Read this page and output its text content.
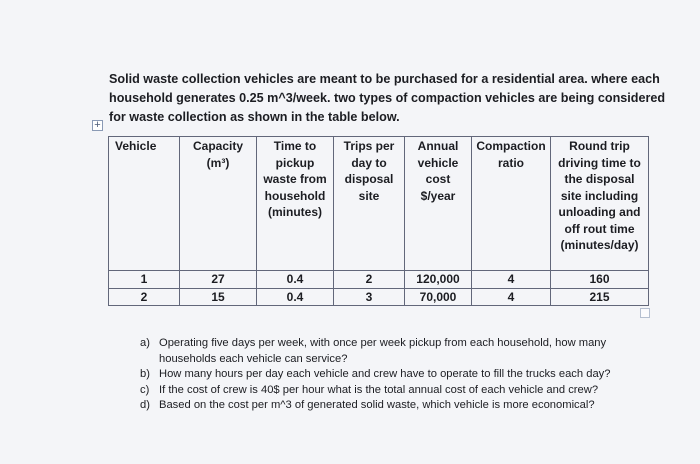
Solid waste collection vehicles are meant to be purchased for a residential area. where each household generates 0.25 m^3/week. two types of compaction vehicles are being considered for waste collection as shown in the table below.
+
Vehicle	Capacity (m³)	Time to pickup waste from household (minutes)	Trips per day to disposal site	Annual vehicle cost $/year	Compaction ratio	Round trip driving time to the disposal site including unloading and off rout time (minutes/day)
1	27	0.4	2	120,000	4	160
2	15	0.4	3	70,000	4	215
a) Operating five days per week, with once per week pickup from each household, how many households each vehicle can service?
b) How many hours per day each vehicle and crew have to operate to fill the trucks each day?
c) If the cost of crew is 40$ per hour what is the total annual cost of each vehicle and crew?
d) Based on the cost per m^3 of generated solid waste, which vehicle is more economical?
